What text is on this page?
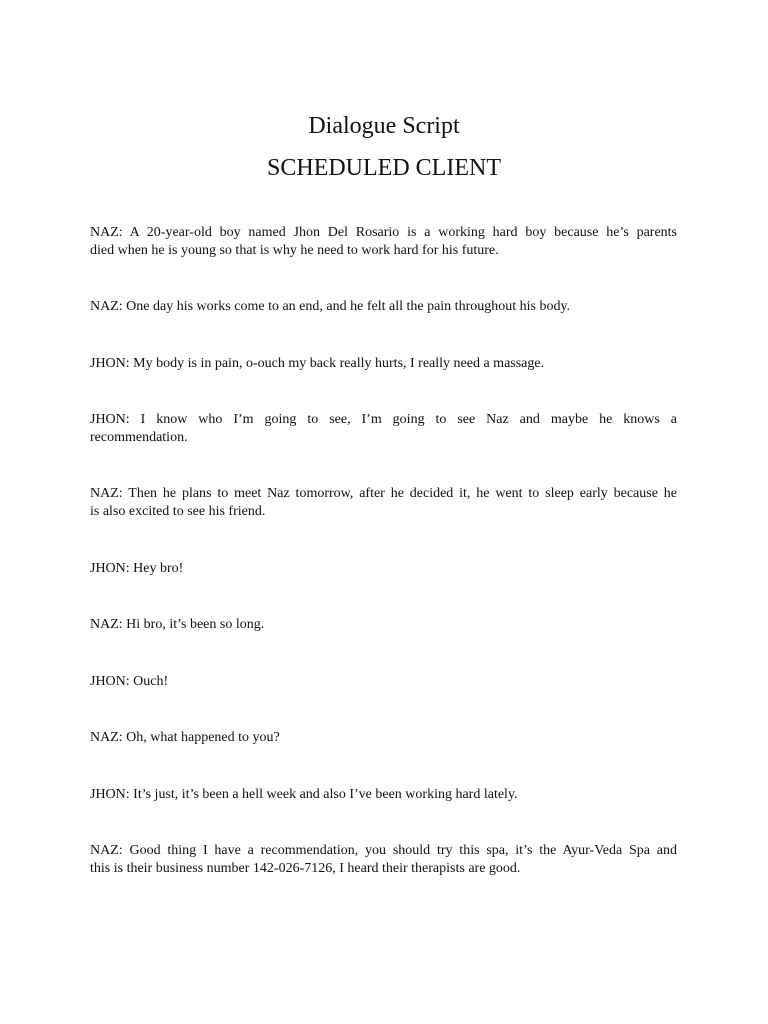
Dialogue Script
SCHEDULED CLIENT

NAZ: A 20-year-old boy named Jhon Del Rosario is a working hard boy because he’s parents

died when he is young so that is why he need to work hard for his future.

NAZ: One day his works come to an end, and he felt all the pain throughout his body.

JHON: My body is in pain, o-ouch my back really hurts, I really need a massage.

JHON: I know who I’m going to see, I’m going to see Naz and maybe he knows a

recommendation.

NAZ: Then he plans to meet Naz tomorrow, after he decided it, he went to sleep early because he

is also excited to see his friend.

JHON: Hey bro!

NAZ: Hi bro, it’s been so long.

JHON: Ouch!

NAZ: Oh, what happened to you?

JHON: It’s just, it’s been a hell week and also I’ve been working hard lately.

NAZ: Good thing I have a recommendation, you should try this spa, it’s the Ayur-Veda Spa and

this is their business number 142-026-7126, I heard their therapists are good.
